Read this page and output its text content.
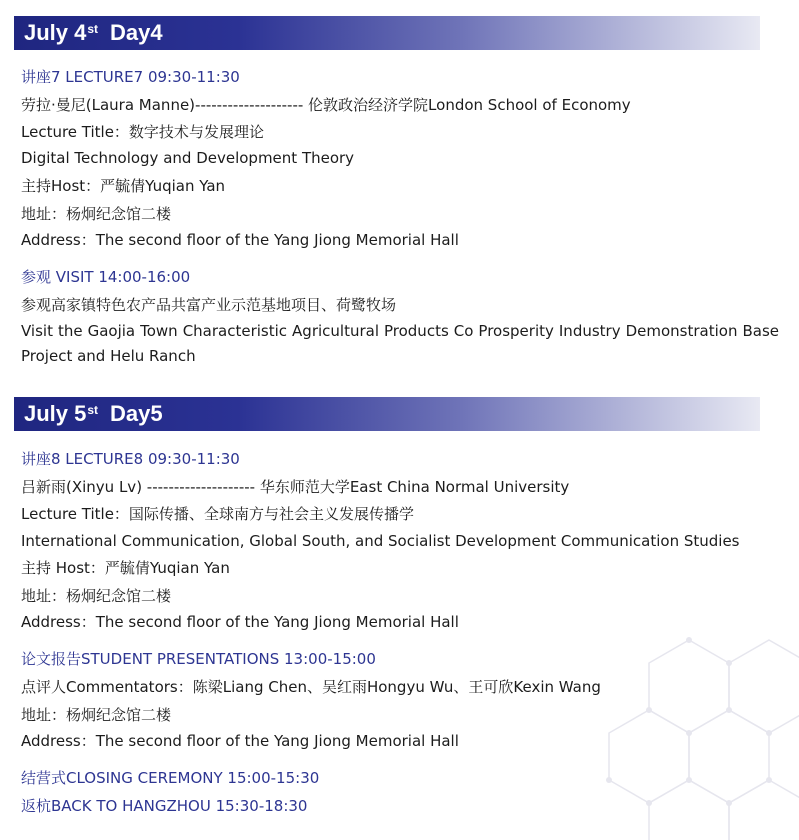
July 4st Day4
讲座7 LECTURE7 09:30-11:30
劳拉·曼尼(Laura Manne)-------------------- 伦敦政治经济学院London School of Economy
Lecture Title：数字技术与发展理论
Digital Technology and Development Theory
主持Host：严毓倩Yuqian Yan
地址：杨炯纪念馆二楼
Address：The second floor of the Yang Jiong Memorial Hall
参观 VISIT 14:00-16:00
参观高家镇特色农产品共富产业示范基地项目、荷鹭牧场
Visit the Gaojia Town Characteristic Agricultural Products Co Prosperity Industry Demonstration Base
Project and Helu Ranch
July 5st Day5
讲座8 LECTURE8 09:30-11:30
吕新雨(Xinyu Lv) -------------------- 华东师范大学East China Normal University
Lecture Title：国际传播、全球南方与社会主义发展传播学
International Communication, Global South, and Socialist Development Communication Studies
主持 Host：严毓倩Yuqian Yan
地址：杨炯纪念馆二楼
Address：The second floor of the Yang Jiong Memorial Hall
论文报告STUDENT PRESENTATIONS 13:00-15:00
点评人Commentators：陈梁Liang Chen、吴红雨Hongyu Wu、王可欣Kexin Wang
地址：杨炯纪念馆二楼
Address：The second floor of the Yang Jiong Memorial Hall
结营式CLOSING CEREMONY 15:00-15:30
返杭BACK TO HANGZHOU 15:30-18:30
